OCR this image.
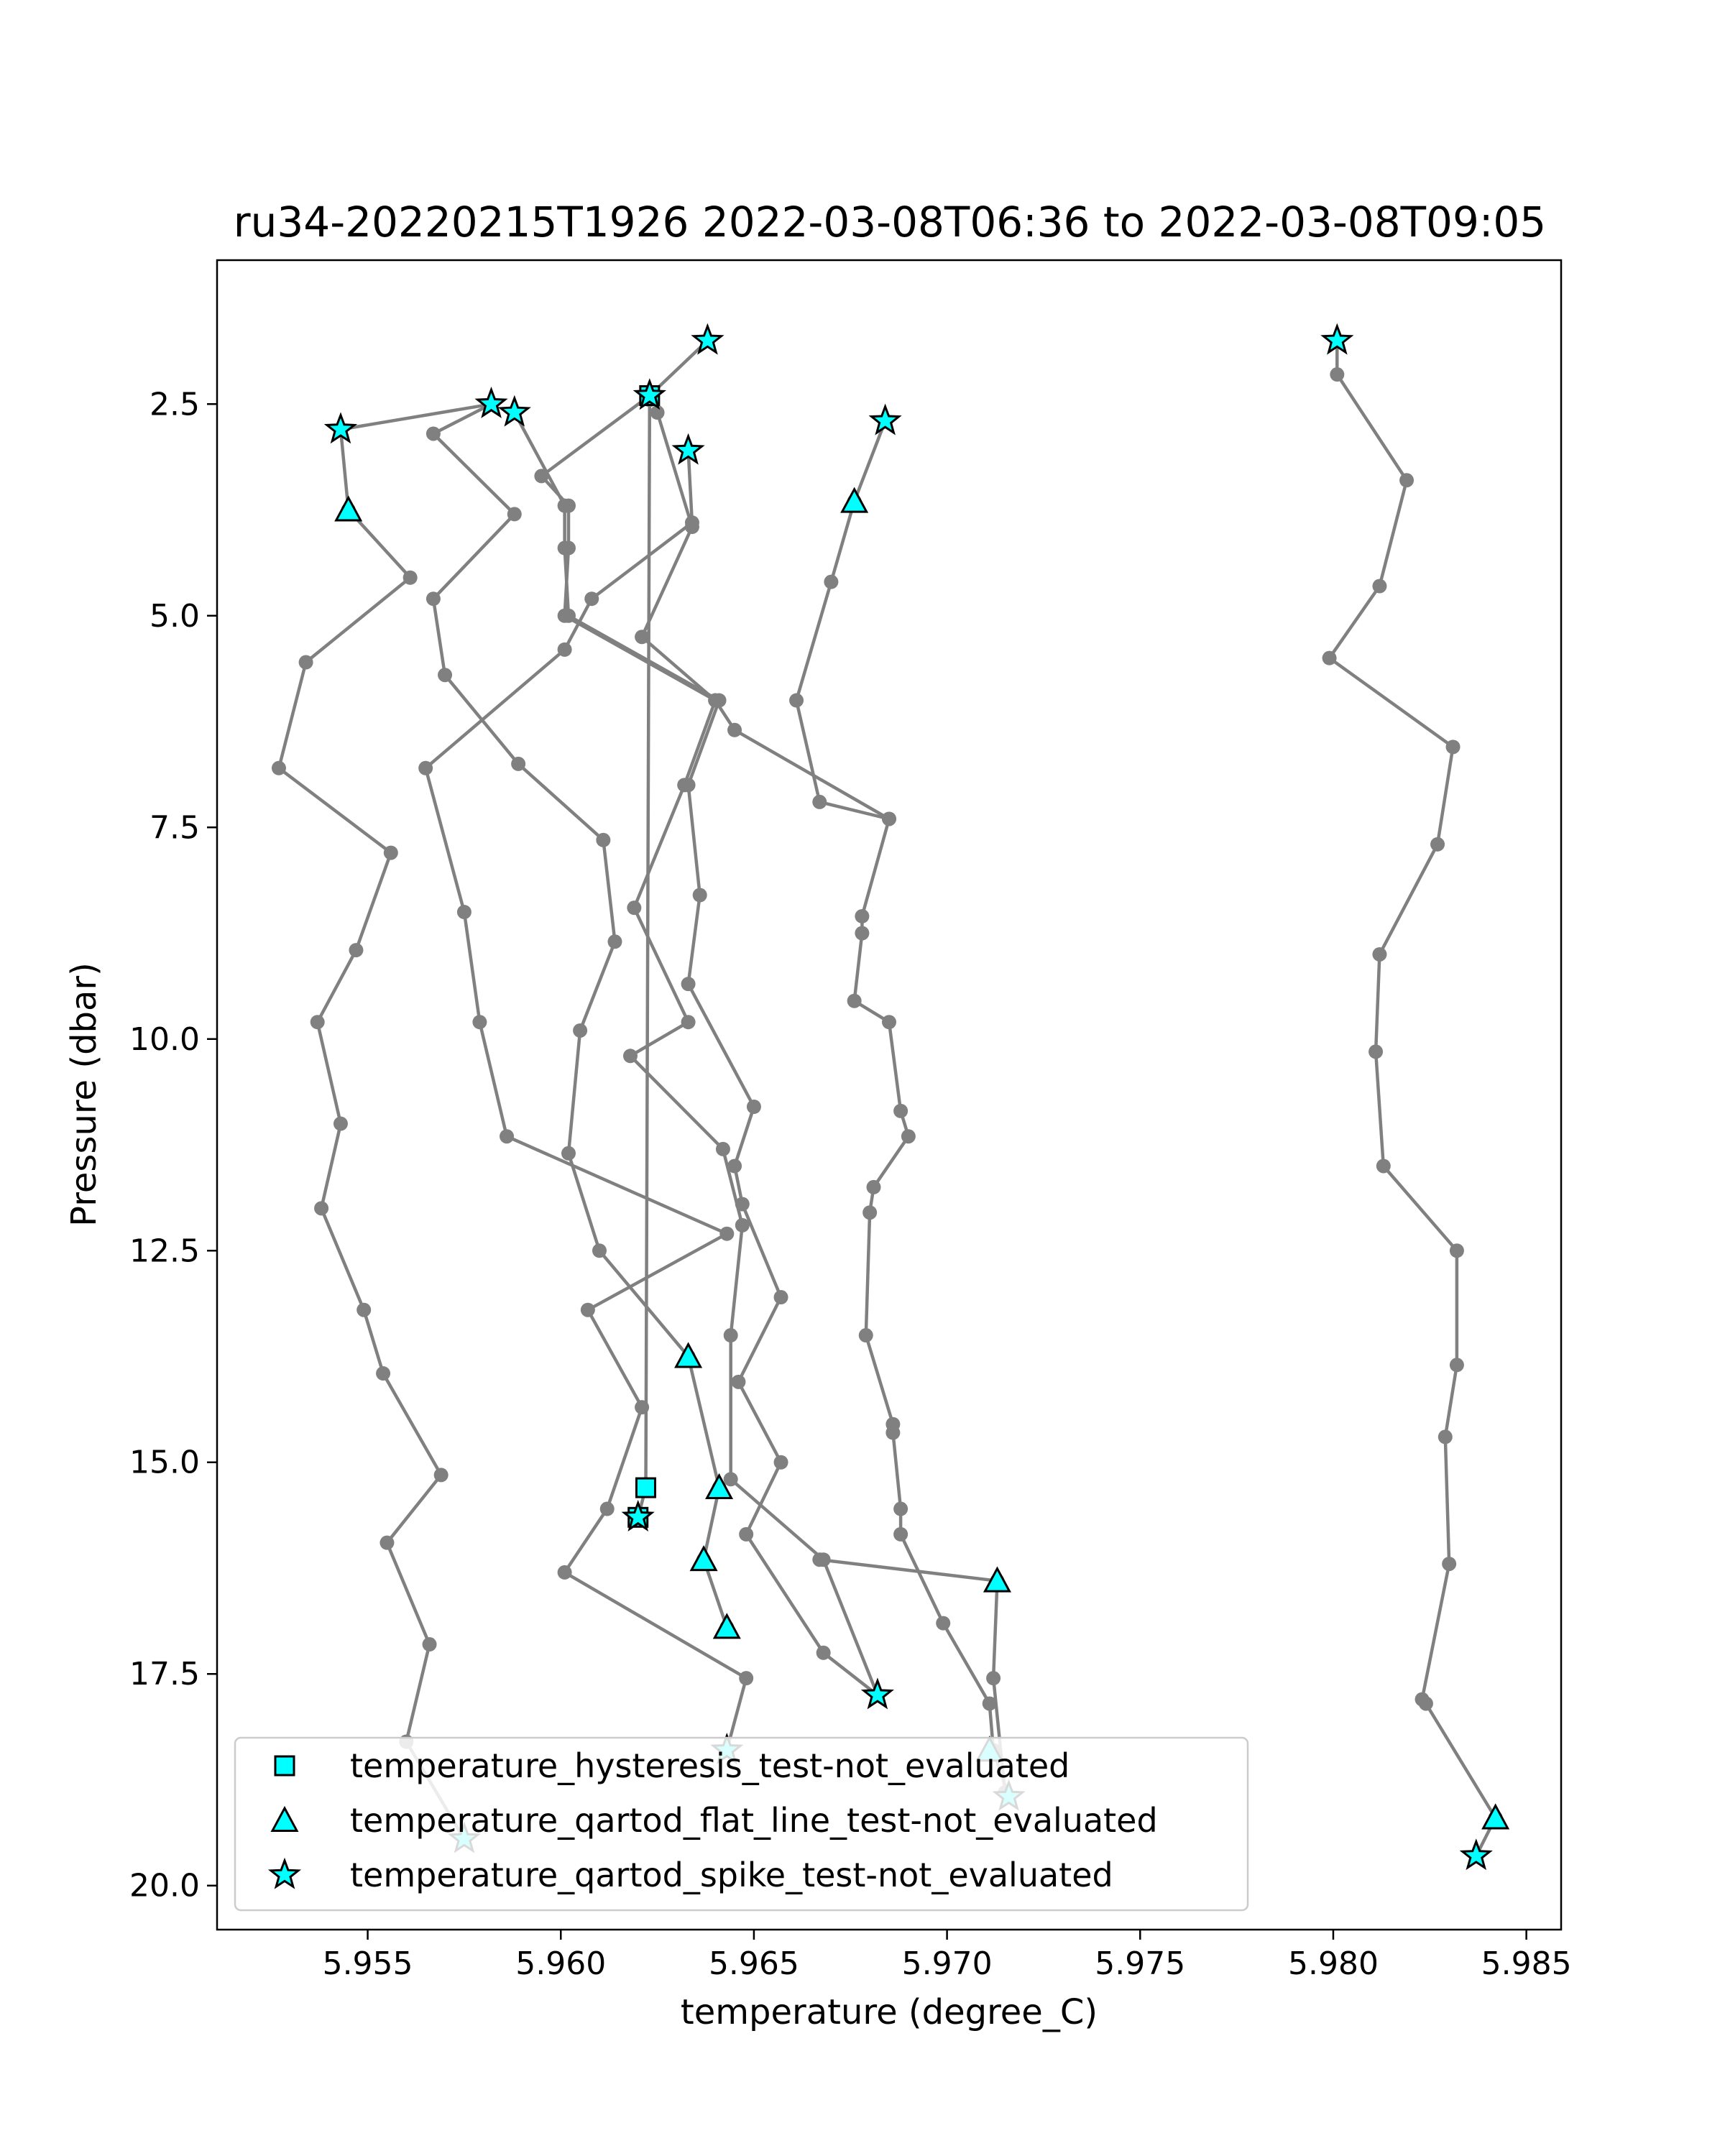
ru34-20220215T1926 2022-03-08T06:36 to 2022-03-08T09:05
5.955	5.960	5.965	5.970	5.975	5.980	5.985
2.5
5.0
7.5
10.0
12.5
15.0
17.5
20.0
temperature (degree_C)
Pressure (dbar)
temperature_hysteresis_test-not_evaluated
temperature_qartod_flat_line_test-not_evaluated
temperature_qartod_spike_test-not_evaluated
